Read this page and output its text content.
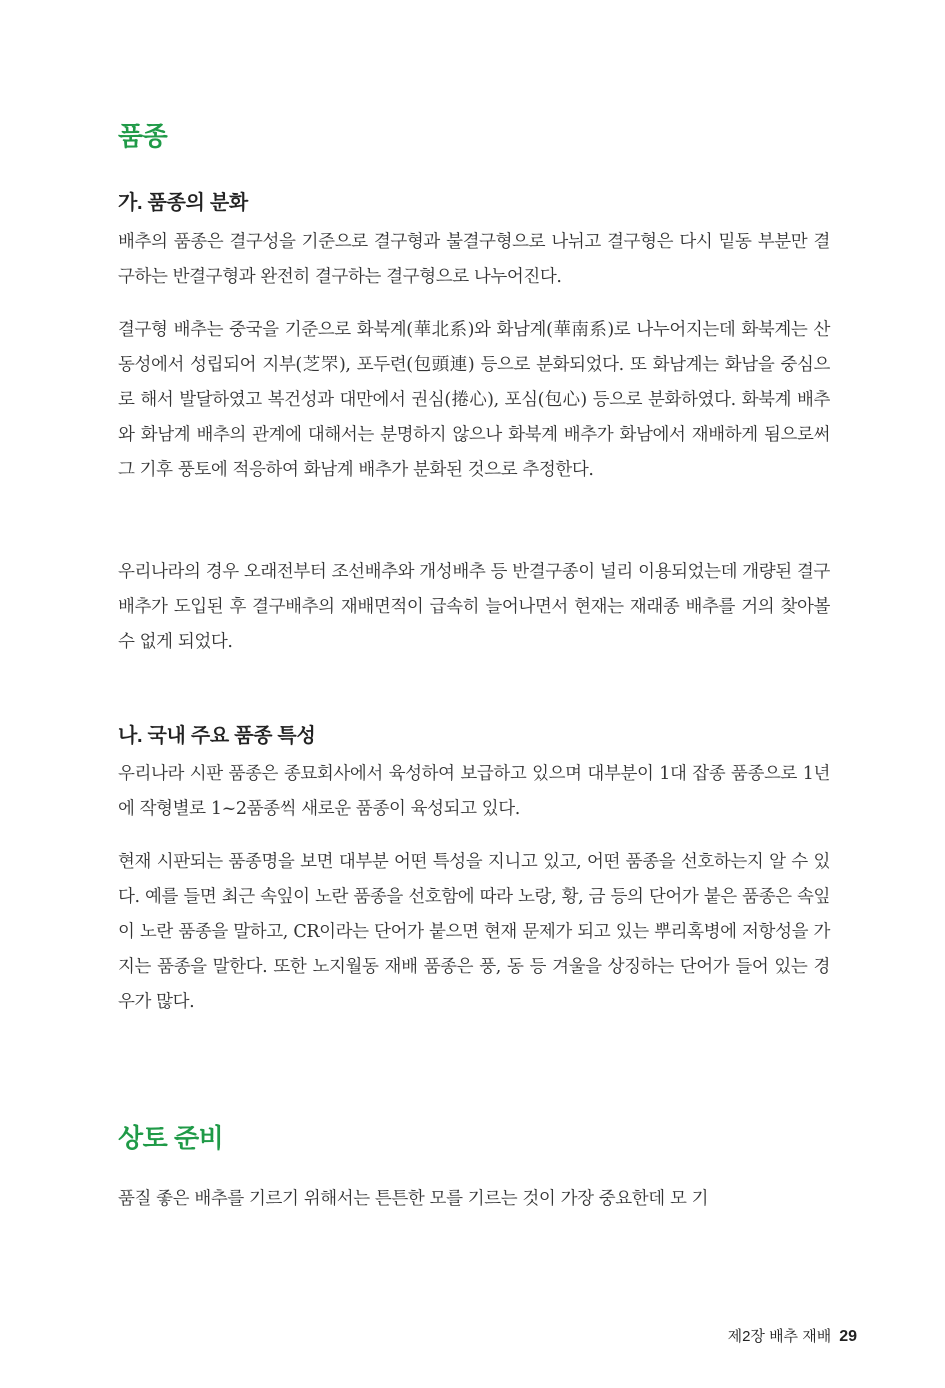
품종
가. 품종의 분화

배추의 품종은 결구성을 기준으로 결구형과 불결구형으로 나뉘고 결구형은 다시 밑동 부분만 결구하는 반결구형과 완전히 결구하는 결구형으로 나누어진다.

결구형 배추는 중국을 기준으로 화북계(華北系)와 화남계(華南系)로 나누어지는데 화북계는 산동성에서 성립되어 지부(芝罘), 포두련(包頭連) 등으로 분화되었다. 또 화남계는 화남을 중심으로 해서 발달하였고 복건성과 대만에서 권심(捲心), 포심(包心) 등으로 분화하였다. 화북계 배추와 화남계 배추의 관계에 대해서는 분명하지 않으나 화북계 배추가 화남에서 재배하게 됨으로써 그 기후 풍토에 적응하여 화남계 배추가 분화된 것으로 추정한다.

우리나라의 경우 오래전부터 조선배추와 개성배추 등 반결구종이 널리 이용되었는데 개량된 결구배추가 도입된 후 결구배추의 재배면적이 급속히 늘어나면서 현재는 재래종 배추를 거의 찾아볼 수 없게 되었다.

나. 국내 주요 품종 특성

우리나라 시판 품종은 종묘회사에서 육성하여 보급하고 있으며 대부분이 1대 잡종 품종으로 1년에 작형별로 1~2품종씩 새로운 품종이 육성되고 있다.

현재 시판되는 품종명을 보면 대부분 어떤 특성을 지니고 있고, 어떤 품종을 선호하는지 알 수 있다. 예를 들면 최근 속잎이 노란 품종을 선호함에 따라 노랑, 황, 금 등의 단어가 붙은 품종은 속잎이 노란 품종을 말하고, CR이라는 단어가 붙으면 현재 문제가 되고 있는 뿌리혹병에 저항성을 가지는 품종을 말한다. 또한 노지월동 재배 품종은 풍, 동 등 겨울을 상징하는 단어가 들어 있는 경우가 많다.

상토 준비

품질 좋은 배추를 기르기 위해서는 튼튼한 모를 기르는 것이 가장 중요한데 모 기

제2장 배추 재배 29
